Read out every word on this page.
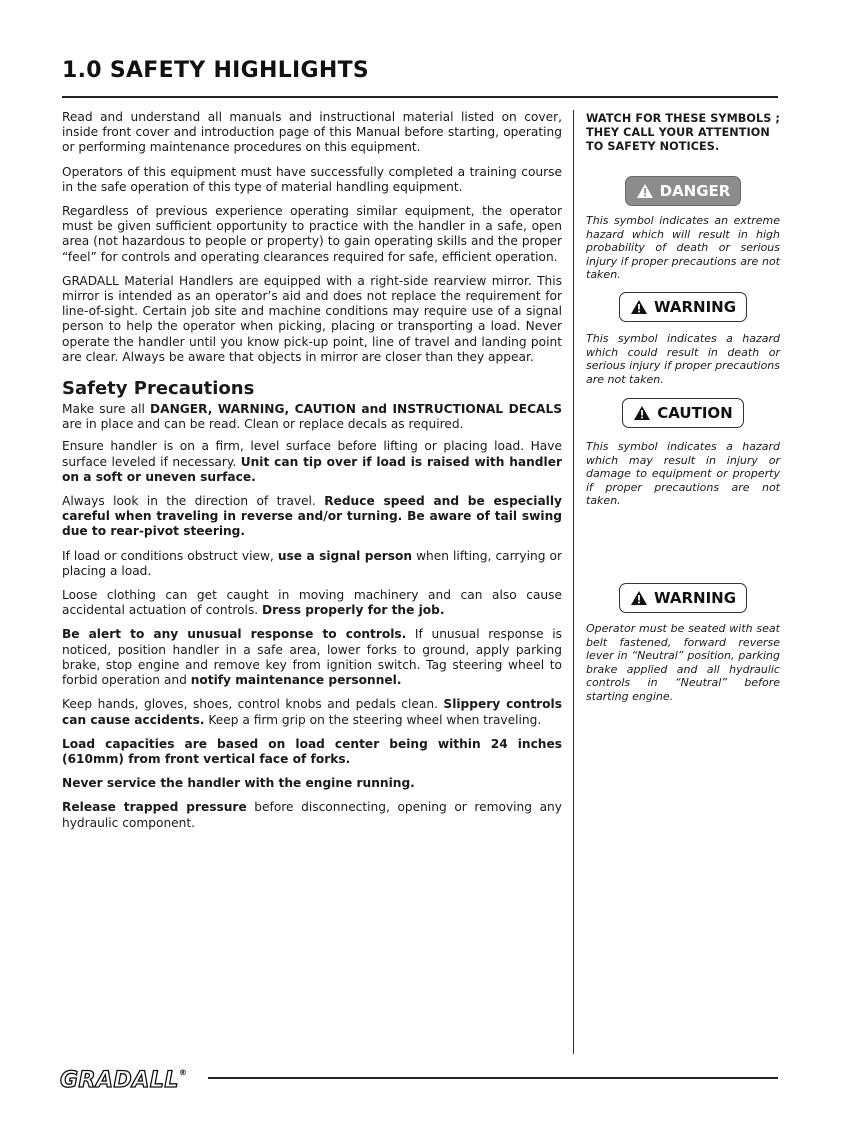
1.0 SAFETY HIGHLIGHTS

Read and understand all manuals and instructional material listed on cover, inside front cover and introduction page of this Manual before starting, operating or performing maintenance procedures on this equipment.

Operators of this equipment must have successfully completed a training course in the safe operation of this type of material handling equipment.

Regardless of previous experience operating similar equipment, the operator must be given sufficient opportunity to practice with the handler in a safe, open area (not hazardous to people or property) to gain operating skills and the proper “feel” for controls and operating clearances required for safe, efficient operation.

GRADALL Material Handlers are equipped with a right-side rearview mirror. This mirror is intended as an operator’s aid and does not replace the requirement for line-of-sight. Certain job site and machine conditions may require use of a signal person to help the operator when picking, placing or transporting a load. Never operate the handler until you know pick-up point, line of travel and landing point are clear. Always be aware that objects in mirror are closer than they appear.

Safety Precautions

Make sure all DANGER, WARNING, CAUTION and INSTRUCTIONAL DECALS are in place and can be read. Clean or replace decals as required.

Ensure handler is on a firm, level surface before lifting or placing load. Have surface leveled if necessary. Unit can tip over if load is raised with handler on a soft or uneven surface.

Always look in the direction of travel. Reduce speed and be especially careful when traveling in reverse and/or turning. Be aware of tail swing due to rear-pivot steering.

If load or conditions obstruct view, use a signal person when lifting, carrying or placing a load.

Loose clothing can get caught in moving machinery and can also cause accidental actuation of controls. Dress properly for the job.

Be alert to any unusual response to controls. If unusual response is noticed, position handler in a safe area, lower forks to ground, apply parking brake, stop engine and remove key from ignition switch. Tag steering wheel to forbid operation and notify maintenance personnel.

Keep hands, gloves, shoes, control knobs and pedals clean. Slippery controls can cause accidents. Keep a firm grip on the steering wheel when traveling.

Load capacities are based on load center being within 24 inches (610mm) from front vertical face of forks.

Never service the handler with the engine running.

Release trapped pressure before disconnecting, opening or removing any hydraulic component.

WATCH FOR THESE SYMBOLS ; THEY CALL YOUR ATTENTION TO SAFETY NOTICES.

DANGER

This symbol indicates an extreme hazard which will result in high probability of death or serious injury if proper precautions are not taken.

WARNING

This symbol indicates a hazard which could result in death or serious injury if proper precautions are not taken.

CAUTION

This symbol indicates a hazard which may result in injury or damage to equipment or property if proper precautions are not taken.

WARNING

Operator must be seated with seat belt fastened, forward reverse lever in “Neutral” position, parking brake applied and all hydraulic controls in “Neutral” before starting engine.

GRADALL®
